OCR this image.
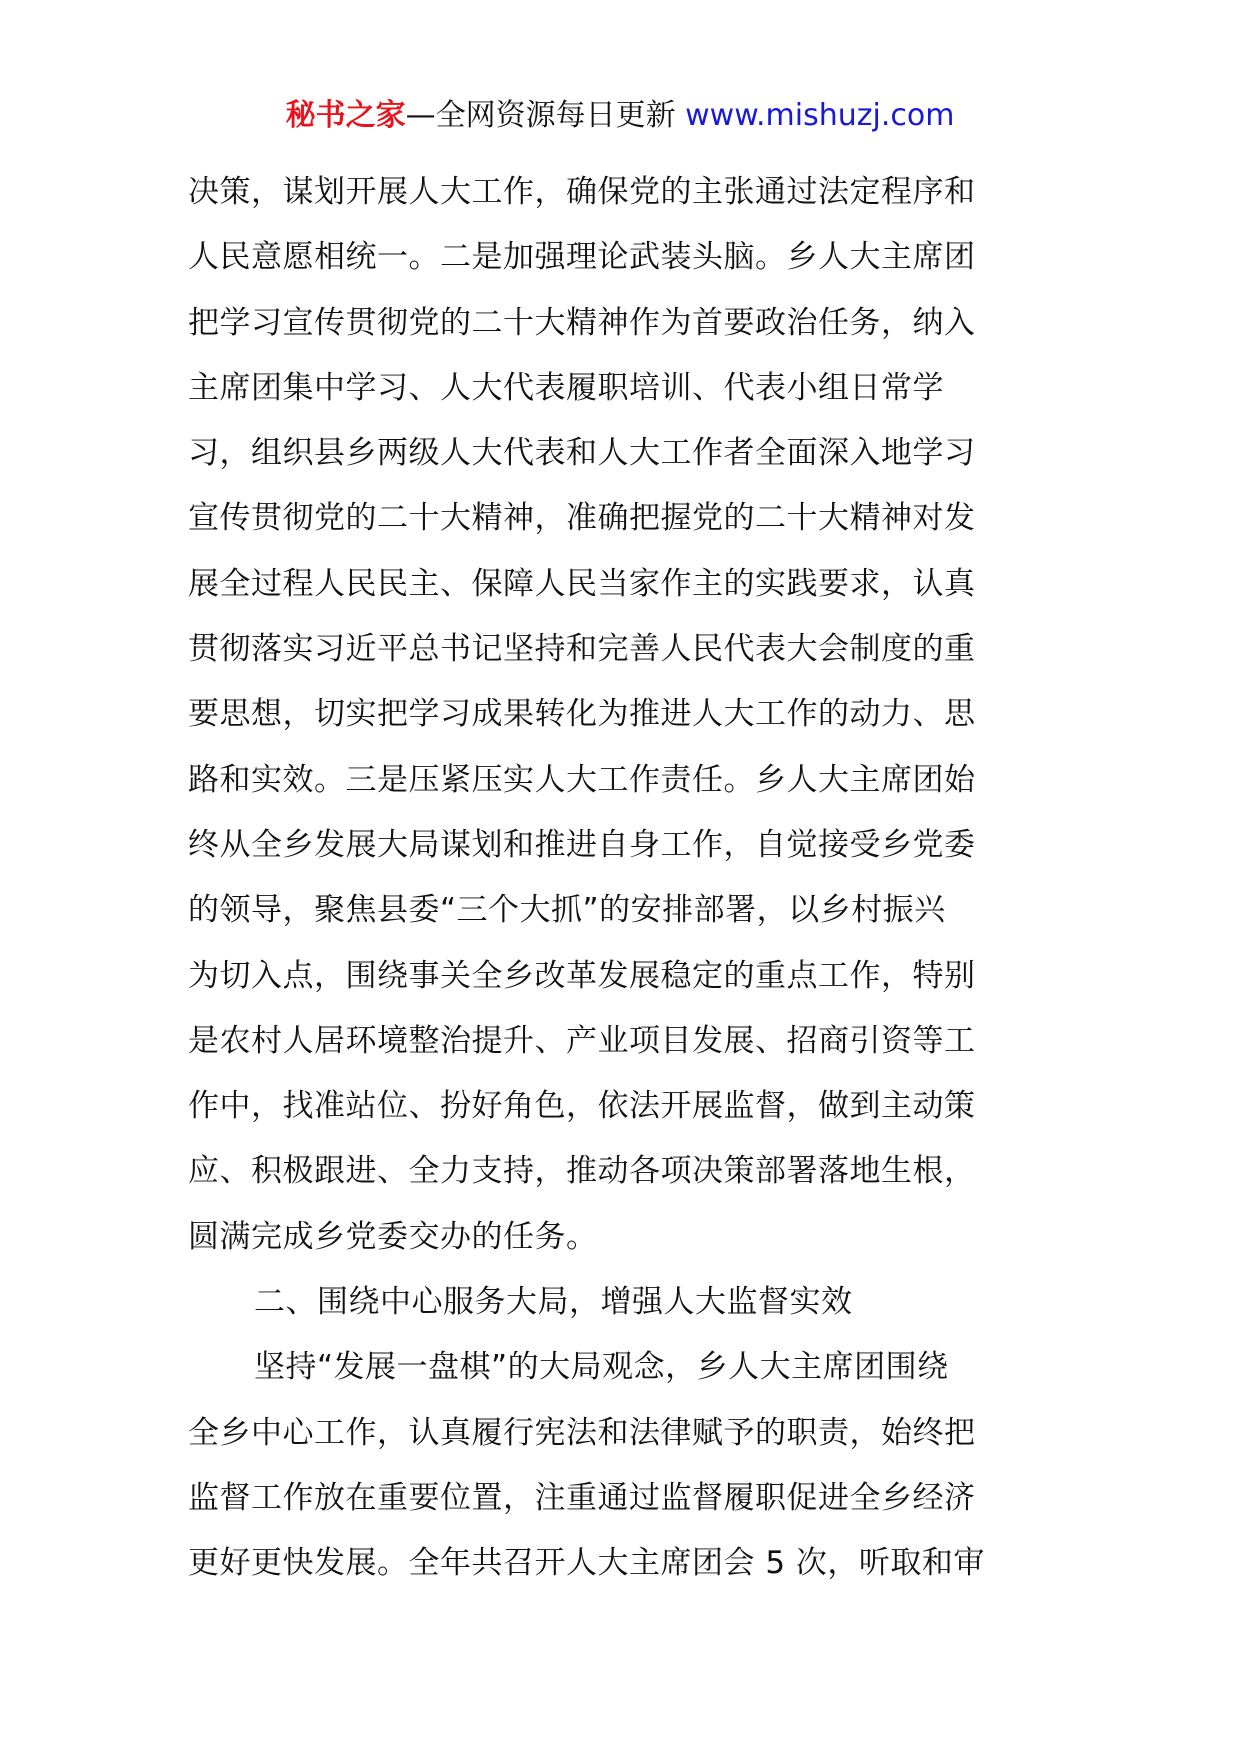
秘书之家—全网资源每日更新 www.mishuzj.com
决策，谋划开展人大工作，确保党的主张通过法定程序和
人民意愿相统一。二是加强理论武装头脑。乡人大主席团
把学习宣传贯彻党的二十大精神作为首要政治任务，纳入
主席团集中学习、人大代表履职培训、代表小组日常学
习，组织县乡两级人大代表和人大工作者全面深入地学习
宣传贯彻党的二十大精神，准确把握党的二十大精神对发
展全过程人民民主、保障人民当家作主的实践要求，认真
贯彻落实习近平总书记坚持和完善人民代表大会制度的重
要思想，切实把学习成果转化为推进人大工作的动力、思
路和实效。三是压紧压实人大工作责任。乡人大主席团始
终从全乡发展大局谋划和推进自身工作，自觉接受乡党委
的领导，聚焦县委“三个大抓”的安排部署，以乡村振兴
为切入点，围绕事关全乡改革发展稳定的重点工作，特别
是农村人居环境整治提升、产业项目发展、招商引资等工
作中，找准站位、扮好角色，依法开展监督，做到主动策
应、积极跟进、全力支持，推动各项决策部署落地生根，
圆满完成乡党委交办的任务。
二、围绕中心服务大局，增强人大监督实效
坚持“发展一盘棋”的大局观念，乡人大主席团围绕
全乡中心工作，认真履行宪法和法律赋予的职责，始终把
监督工作放在重要位置，注重通过监督履职促进全乡经济
更好更快发展。全年共召开人大主席团会 5 次，听取和审
